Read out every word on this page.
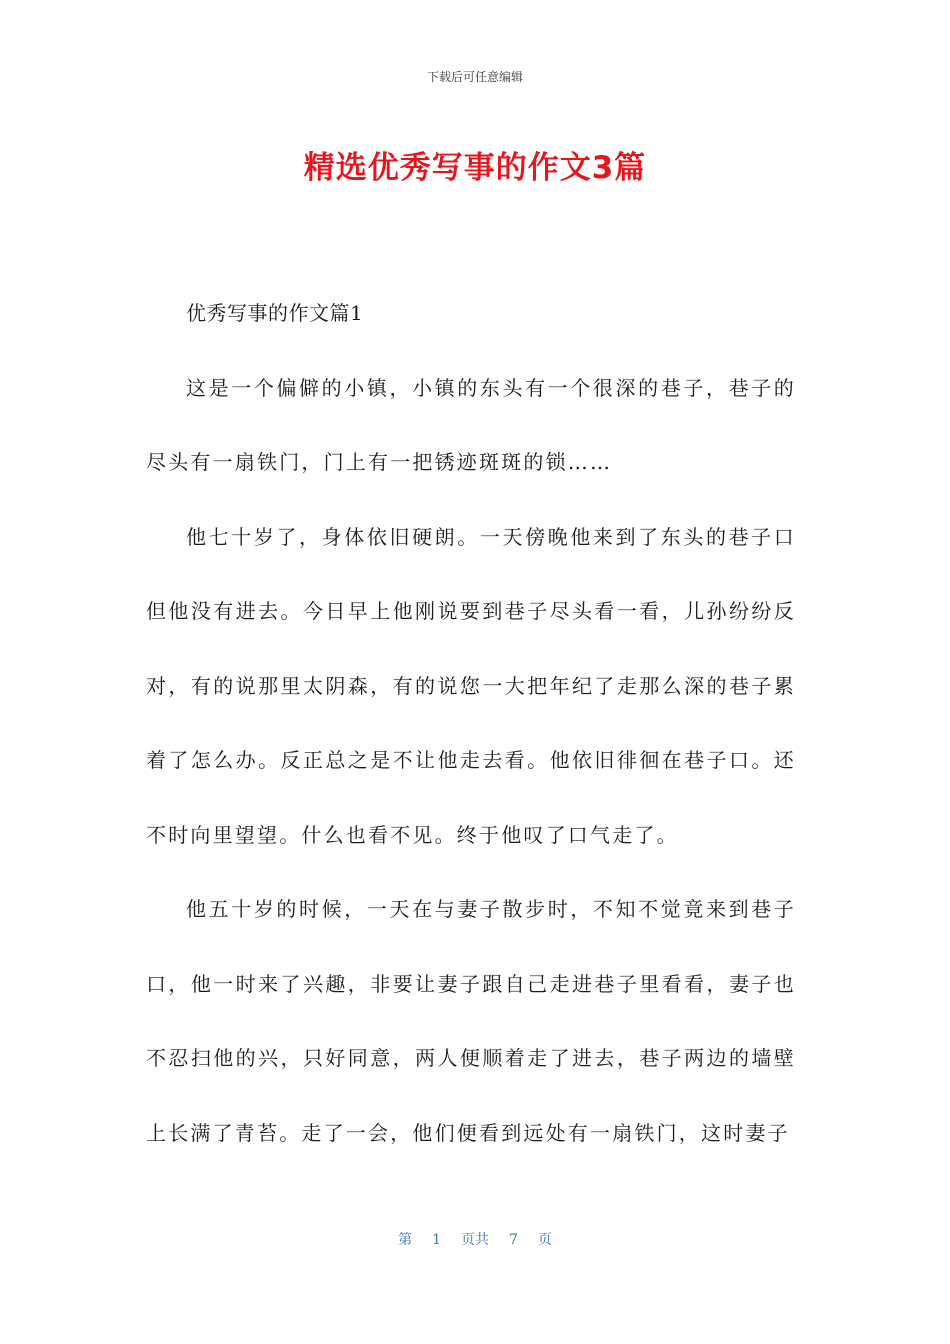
下载后可任意编辑
精选优秀写事的作文3篇

优秀写事的作文篇1

这是一个偏僻的小镇，小镇的东头有一个很深的巷子，巷子的尽头有一扇铁门，门上有一把锈迹斑斑的锁……

他七十岁了，身体依旧硬朗。一天傍晚他来到了东头的巷子口但他没有进去。今日早上他刚说要到巷子尽头看一看，儿孙纷纷反对，有的说那里太阴森，有的说您一大把年纪了走那么深的巷子累着了怎么办。反正总之是不让他走去看。他依旧徘徊在巷子口。还不时向里望望。什么也看不见。终于他叹了口气走了。

他五十岁的时候，一天在与妻子散步时，不知不觉竟来到巷子口，他一时来了兴趣，非要让妻子跟自己走进巷子里看看，妻子也不忍扫他的兴，只好同意，两人便顺着走了进去，巷子两边的墙壁上长满了青苔。走了一会，他们便看到远处有一扇铁门，这时妻子

第 1 页共 7 页
